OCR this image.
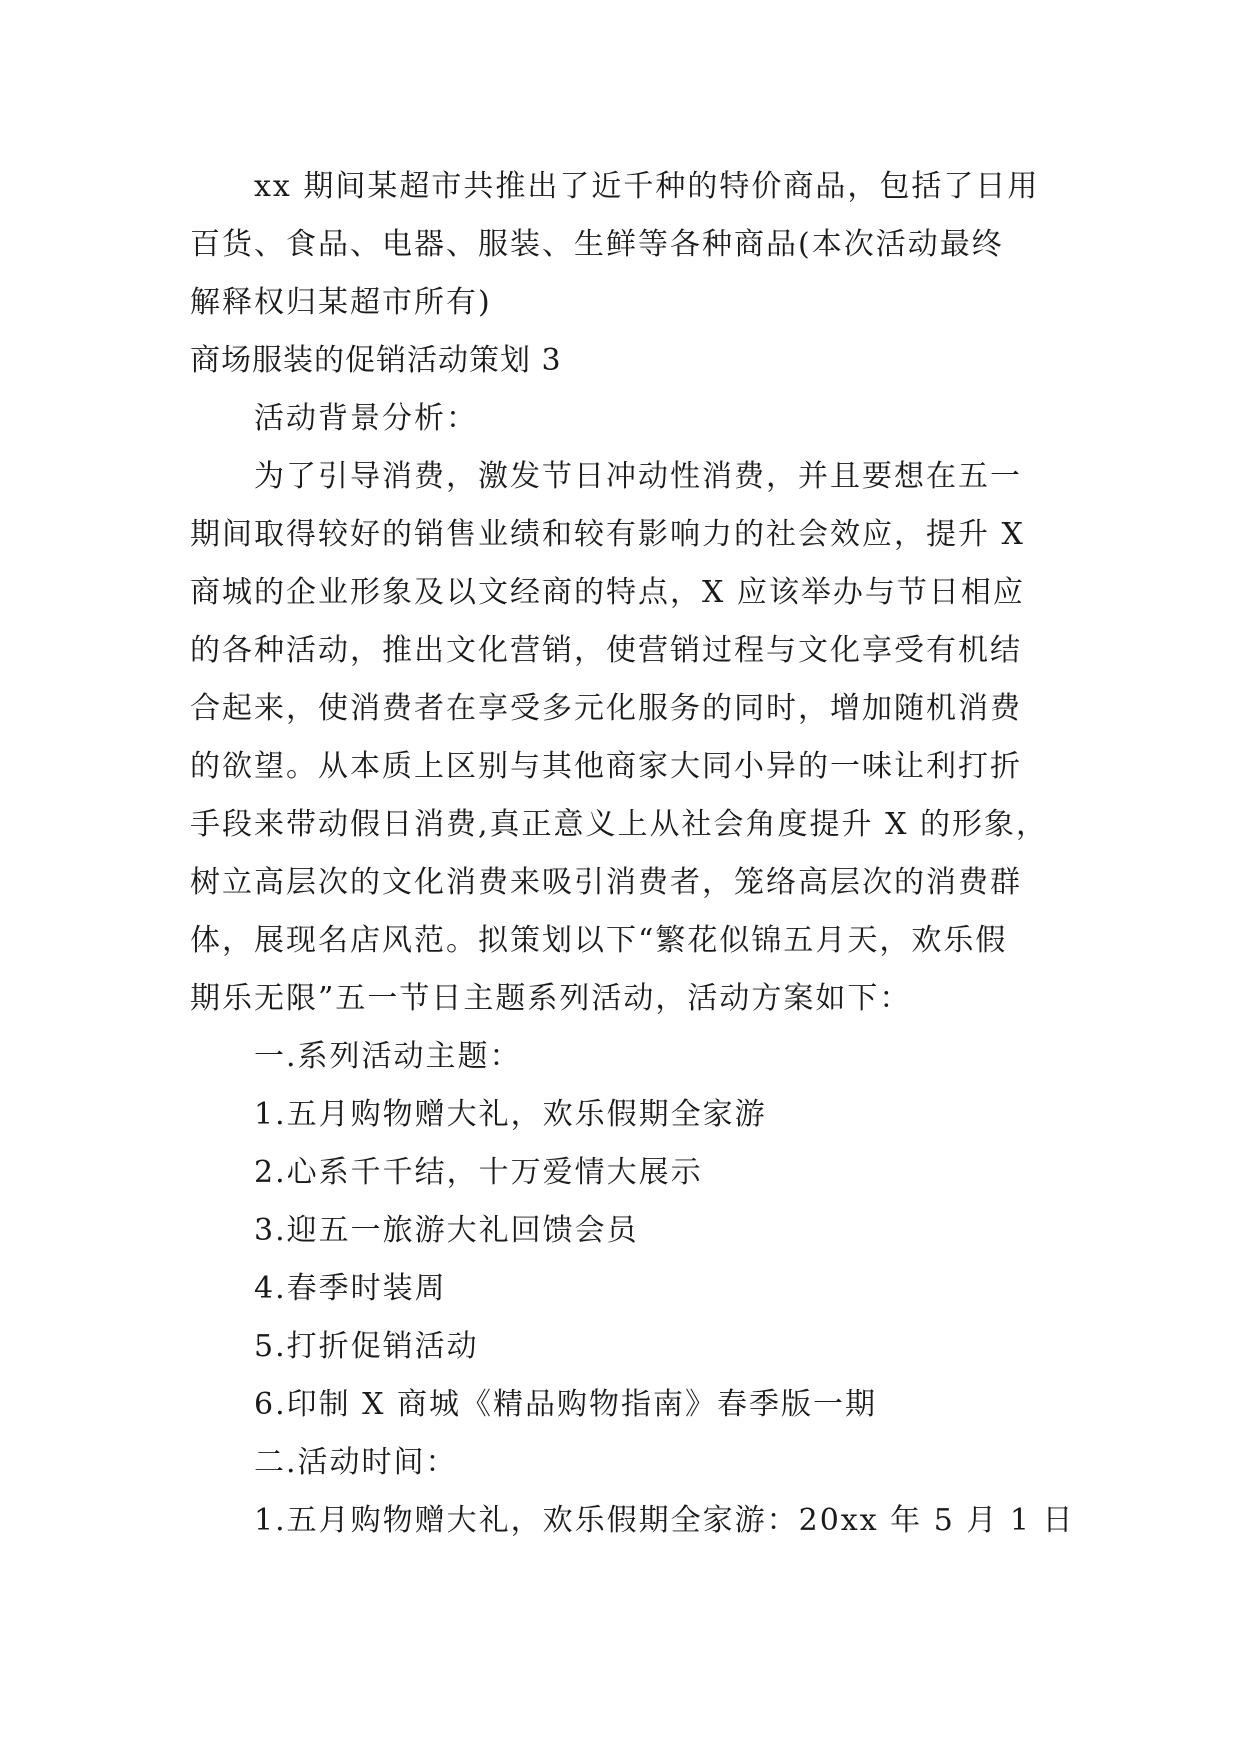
xx 期间某超市共推出了近千种的特价商品，包括了日用
百货、食品、电器、服装、生鲜等各种商品(本次活动最终
解释权归某超市所有)
商场服装的促销活动策划 3
活动背景分析：
为了引导消费，激发节日冲动性消费，并且要想在五一
期间取得较好的销售业绩和较有影响力的社会效应，提升 X
商城的企业形象及以文经商的特点，X 应该举办与节日相应
的各种活动，推出文化营销，使营销过程与文化享受有机结
合起来，使消费者在享受多元化服务的同时，增加随机消费
的欲望。从本质上区别与其他商家大同小异的一味让利打折
手段来带动假日消费,真正意义上从社会角度提升 X 的形象，
树立高层次的文化消费来吸引消费者，笼络高层次的消费群
体，展现名店风范。拟策划以下“繁花似锦五月天，欢乐假
期乐无限”五一节日主题系列活动，活动方案如下：
一.系列活动主题：
1.五月购物赠大礼，欢乐假期全家游
2.心系千千结，十万爱情大展示
3.迎五一旅游大礼回馈会员
4.春季时装周
5.打折促销活动
6.印制 X 商城《精品购物指南》春季版一期
二.活动时间：
1.五月购物赠大礼，欢乐假期全家游：20xx 年 5 月 1 日
